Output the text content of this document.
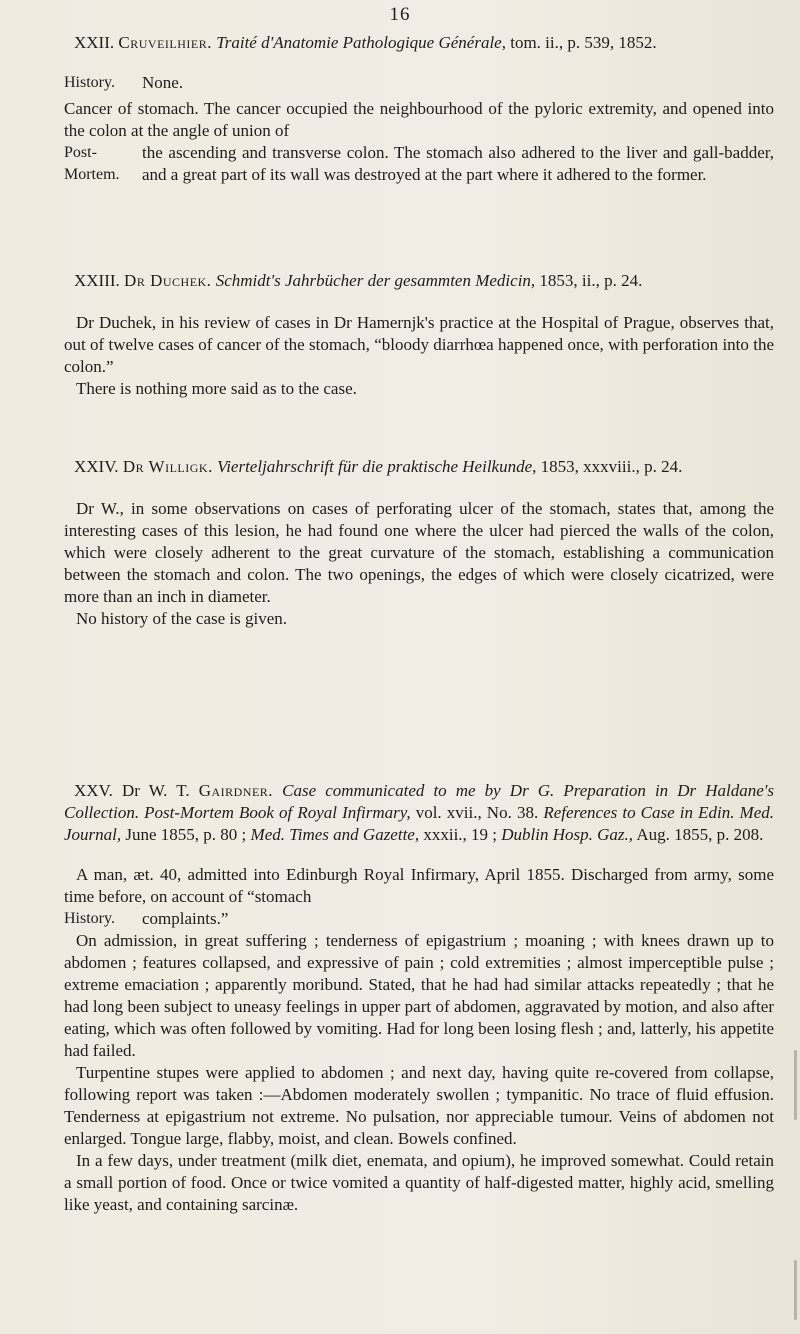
16

XXII. Cruveilhier. Traité d'Anatomie Pathologique Générale, tom. ii., p. 539, 1852.

History.	None.

Cancer of stomach. The cancer occupied the neighbourhood of the pyloric extremity, and opened into the colon at the angle of union of

Post-Mortem.
the ascending and transverse colon. The stomach also adhered to the liver and gall-badder, and a great part of its wall was destroyed at the part where it adhered to the former.

XXIII. Dr Duchek. Schmidt's Jahrbücher der gesammten Medicin, 1853, ii., p. 24.

Dr Duchek, in his review of cases in Dr Hamernjk's practice at the Hospital of Prague, observes that, out of twelve cases of cancer of the stomach, “bloody diarrhœa happened once, with perforation into the colon.”

There is nothing more said as to the case.

XXIV. Dr Willigk. Vierteljahrschrift für die praktische Heilkunde, 1853, xxxviii., p. 24.

Dr W., in some observations on cases of perforating ulcer of the stomach, states that, among the interesting cases of this lesion, he had found one where the ulcer had pierced the walls of the colon, which were closely adherent to the great curvature of the stomach, establishing a communication between the stomach and colon. The two openings, the edges of which were closely cicatrized, were more than an inch in diameter.

No history of the case is given.

XXV. Dr W. T. Gairdner. Case communicated to me by Dr G. Preparation in Dr Haldane's Collection. Post-Mortem Book of Royal Infirmary, vol. xvii., No. 38. References to Case in Edin. Med. Journal, June 1855, p. 80 ; Med. Times and Gazette, xxxii., 19 ; Dublin Hosp. Gaz., Aug. 1855, p. 208.

A man, æt. 40, admitted into Edinburgh Royal Infirmary, April 1855. Discharged from army, some time before, on account of “stomach

History.	complaints.”

On admission, in great suffering ; tenderness of epigastrium ; moaning ; with knees drawn up to abdomen ; features collapsed, and expressive of pain ; cold extremities ; almost imperceptible pulse ; extreme emaciation ; apparently moribund. Stated, that he had had similar attacks repeatedly ; that he had long been subject to uneasy feelings in upper part of abdomen, aggravated by motion, and also after eating, which was often followed by vomiting. Had for long been losing flesh ; and, latterly, his appetite had failed.

Turpentine stupes were applied to abdomen ; and next day, having quite re-covered from collapse, following report was taken :—Abdomen moderately swollen ; tympanitic. No trace of fluid effusion. Tenderness at epigastrium not extreme. No pulsation, nor appreciable tumour. Veins of abdomen not enlarged. Tongue large, flabby, moist, and clean. Bowels confined.

In a few days, under treatment (milk diet, enemata, and opium), he improved somewhat. Could retain a small portion of food. Once or twice vomited a quantity of half-digested matter, highly acid, smelling like yeast, and containing sarcinæ.
